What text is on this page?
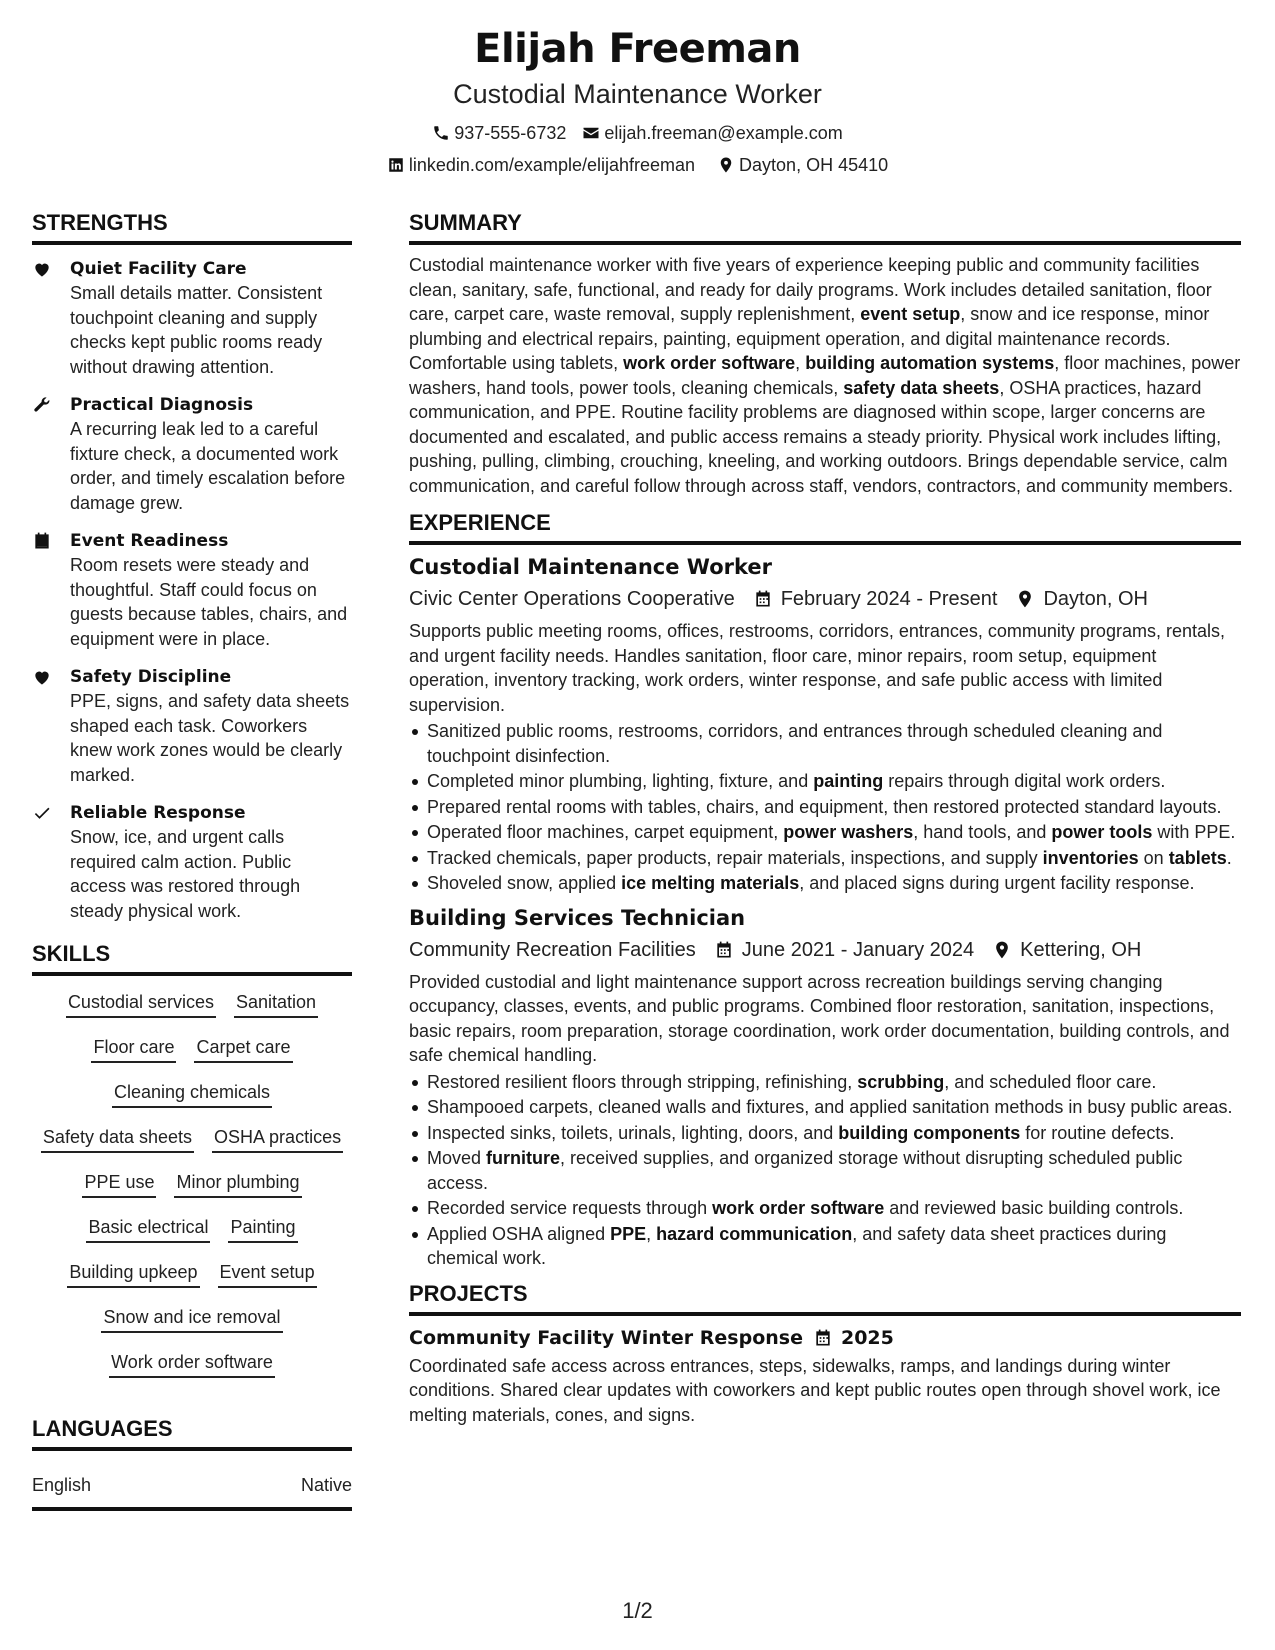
Elijah Freeman
Custodial Maintenance Worker
937-555-6732 elijah.freeman@example.com
linkedin.com/example/elijahfreeman Dayton, OH 45410
STRENGTHS
Quiet Facility Care
Small details matter. Consistent touchpoint cleaning and supply checks kept public rooms ready without drawing attention.
Practical Diagnosis
A recurring leak led to a careful fixture check, a documented work order, and timely escalation before damage grew.
Event Readiness
Room resets were steady and thoughtful. Staff could focus on guests because tables, chairs, and equipment were in place.
Safety Discipline
PPE, signs, and safety data sheets shaped each task. Coworkers knew work zones would be clearly marked.
Reliable Response
Snow, ice, and urgent calls required calm action. Public access was restored through steady physical work.
SKILLS
Custodial services Sanitation
Floor care Carpet care
Cleaning chemicals
Safety data sheets OSHA practices
PPE use Minor plumbing
Basic electrical Painting
Building upkeep Event setup
Snow and ice removal
Work order software
LANGUAGES
English	Native
SUMMARY
Custodial maintenance worker with five years of experience keeping public and community facilities clean, sanitary, safe, functional, and ready for daily programs. Work includes detailed sanitation, floor care, carpet care, waste removal, supply replenishment, event setup, snow and ice response, minor plumbing and electrical repairs, painting, equipment operation, and digital maintenance records. Comfortable using tablets, work order software, building automation systems, floor machines, power washers, hand tools, power tools, cleaning chemicals, safety data sheets, OSHA practices, hazard communication, and PPE. Routine facility problems are diagnosed within scope, larger concerns are documented and escalated, and public access remains a steady priority. Physical work includes lifting, pushing, pulling, climbing, crouching, kneeling, and working outdoors. Brings dependable service, calm communication, and careful follow through across staff, vendors, contractors, and community members.
EXPERIENCE
Custodial Maintenance Worker
Civic Center Operations Cooperative February 2024 - Present Dayton, OH
Supports public meeting rooms, offices, restrooms, corridors, entrances, community programs, rentals, and urgent facility needs. Handles sanitation, floor care, minor repairs, room setup, equipment operation, inventory tracking, work orders, winter response, and safe public access with limited supervision.
Sanitized public rooms, restrooms, corridors, and entrances through scheduled cleaning and touchpoint disinfection.
Completed minor plumbing, lighting, fixture, and painting repairs through digital work orders.
Prepared rental rooms with tables, chairs, and equipment, then restored protected standard layouts.
Operated floor machines, carpet equipment, power washers, hand tools, and power tools with PPE.
Tracked chemicals, paper products, repair materials, inspections, and supply inventories on tablets.
Shoveled snow, applied ice melting materials, and placed signs during urgent facility response.
Building Services Technician
Community Recreation Facilities June 2021 - January 2024 Kettering, OH
Provided custodial and light maintenance support across recreation buildings serving changing occupancy, classes, events, and public programs. Combined floor restoration, sanitation, inspections, basic repairs, room preparation, storage coordination, work order documentation, building controls, and safe chemical handling.
Restored resilient floors through stripping, refinishing, scrubbing, and scheduled floor care.
Shampooed carpets, cleaned walls and fixtures, and applied sanitation methods in busy public areas.
Inspected sinks, toilets, urinals, lighting, doors, and building components for routine defects.
Moved furniture, received supplies, and organized storage without disrupting scheduled public access.
Recorded service requests through work order software and reviewed basic building controls.
Applied OSHA aligned PPE, hazard communication, and safety data sheet practices during chemical work.
PROJECTS
Community Facility Winter Response 2025
Coordinated safe access across entrances, steps, sidewalks, ramps, and landings during winter conditions. Shared clear updates with coworkers and kept public routes open through shovel work, ice melting materials, cones, and signs.
1/2
